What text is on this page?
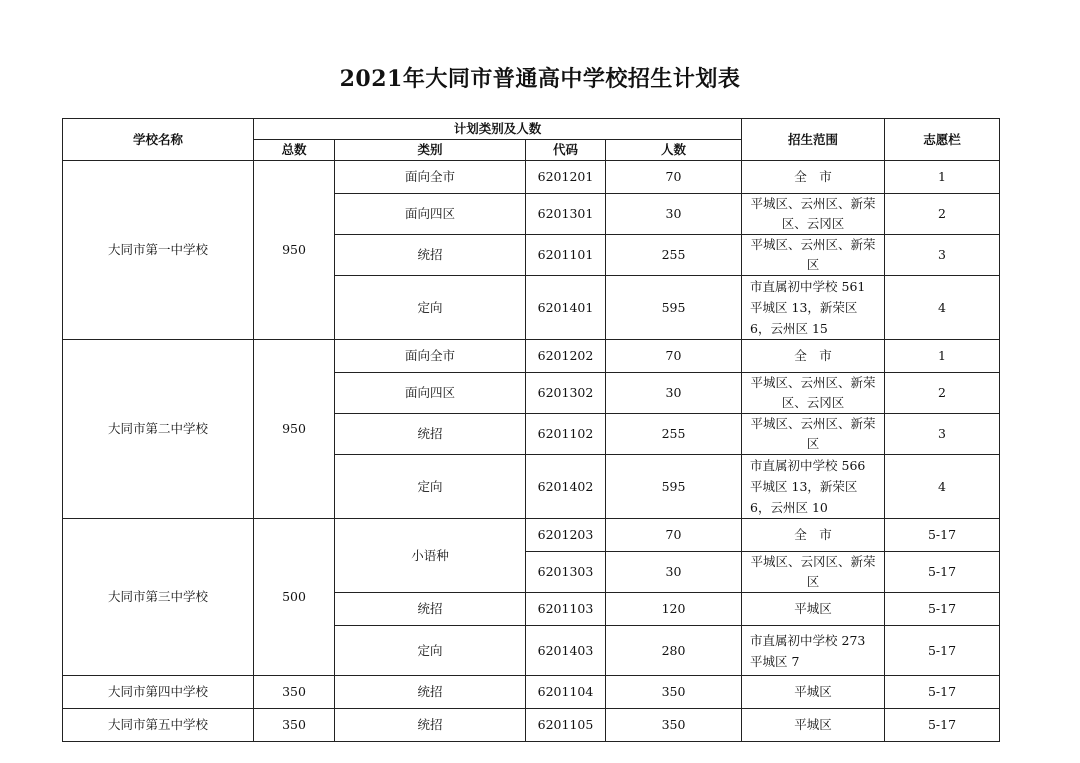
2021年大同市普通高中学校招生计划表
学校名称	计划类别及人数				招生范围	志愿栏
	总数	类别	代码	人数		
大同市第一中学校	950	面向全市	6201201	70	全　市	1
		面向四区	6201301	30	平城区、云州区、新荣区、云冈区	2
		统招	6201101	255	平城区、云州区、新荣区	3
		定向	6201401	595	市直属初中学校 561
平城区 13，新荣区 6，云州区 15	4
大同市第二中学校	950	面向全市	6201202	70	全　市	1
		面向四区	6201302	30	平城区、云州区、新荣区、云冈区	2
		统招	6201102	255	平城区、云州区、新荣区	3
		定向	6201402	595	市直属初中学校 566
平城区 13，新荣区 6，云州区 10	4
大同市第三中学校	500	小语种	6201203	70	全　市	5-17
			6201303	30	平城区、云冈区、新荣区	5-17
		统招	6201103	120	平城区	5-17
		定向	6201403	280	市直属初中学校 273
平城区 7	5-17
大同市第四中学校	350	统招	6201104	350	平城区	5-17
大同市第五中学校	350	统招	6201105	350	平城区	5-17
